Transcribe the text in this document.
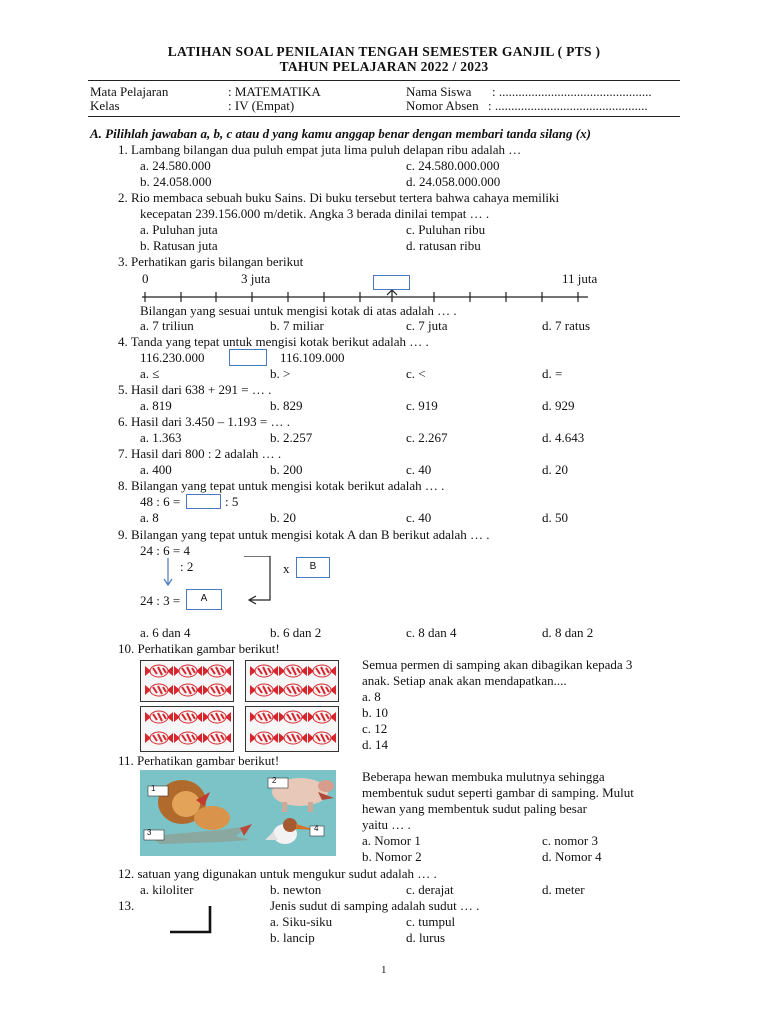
LATIHAN SOAL PENILAIAN TENGAH SEMESTER GANJIL ( PTS )
TAHUN PELAJARAN 2022 / 2023
Mata Pelajaran	: MATEMATIKA
Kelas	: IV (Empat)
Nama Siswa : ...............................................
Nomor Absen : ...............................................
A. Pilihlah jawaban a, b, c atau d yang kamu anggap benar dengan membari tanda silang (x)
1. Lambang bilangan dua puluh empat juta lima puluh delapan ribu adalah …
a. 24.580.000	c. 24.580.000.000
b. 24.058.000	d. 24.058.000.000
2. Rio membaca sebuah buku Sains. Di buku tersebut tertera bahwa cahaya memiliki
kecepatan 239.156.000 m/detik. Angka 3 berada dinilai tempat … .
a. Puluhan juta	c. Puluhan ribu
b. Ratusan juta	d. ratusan ribu
3. Perhatikan garis bilangan berikut
0	3 juta	11 juta
Bilangan yang sesuai untuk mengisi kotak di atas adalah … .
a. 7 triliun	b. 7 miliar	c. 7 juta	d. 7 ratus
4. Tanda yang tepat untuk mengisi kotak berikut adalah … .
116.230.000	116.109.000
a. ≤	b. >	c. <	d. =
5. Hasil dari 638 + 291 = … .
a. 819	b. 829	c. 919	d. 929
6. Hasil dari 3.450 – 1.193 = … .
a. 1.363	b. 2.257	c. 2.267	d. 4.643
7. Hasil dari 800 : 2 adalah … .
a. 400	b. 200	c. 40	d. 20
8. Bilangan yang tepat untuk mengisi kotak berikut adalah … .
48 : 6 =	: 5
a. 8	b. 20	c. 40	d. 50
9. Bilangan yang tepat untuk mengisi kotak A dan B berikut adalah … .
24 : 6 = 4
: 2	x	B
24 : 3 =	A
a. 6 dan 4	b. 6 dan 2	c. 8 dan 4	d. 8 dan 2
10. Perhatikan gambar berikut!
Semua permen di samping akan dibagikan kepada 3
anak. Setiap anak akan mendapatkan....
a. 8
b. 10
c. 12
d. 14
11. Perhatikan gambar berikut!
1
2
3	4
Beberapa hewan membuka mulutnya sehingga
membentuk sudut seperti gambar di samping. Mulut
hewan yang membentuk sudut paling besar
yaitu … .
a. Nomor 1	c. nomor 3
b. Nomor 2	d. Nomor 4
12. satuan yang digunakan untuk mengukur sudut adalah … .
a. kiloliter	b. newton	c. derajat	d. meter
13.	Jenis sudut di samping adalah sudut … .
a. Siku-siku	c. tumpul
b. lancip	d. lurus
1
